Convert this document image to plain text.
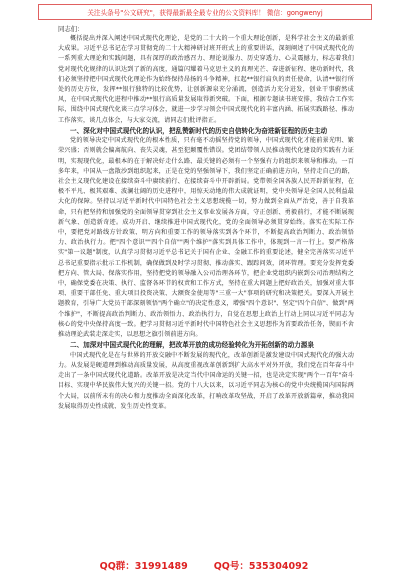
关注头条号"公文研究"，获得最新最全最专业的公文资料库！ 微信：gongwenyj

同志们：

概括提出并深入阐述中国式现代化理论，是党的二十大的一个重大理论创新，是科学社会主义的最新重大成果。习近平总书记在学习贯彻党的二十大精神研讨班开班式上的重要讲话，深刻阐述了中国式现代化的一系列重大理论和实践问题，具有深厚的政治感召力、理论说服力、历史穿透力、心灵震撼力，标志着我们党对现代化规律的认识达到了新的高度，通篇闪耀着马克思主义的真理光芒、奋进新征程、建功新时代，我们必须坚持把中国式现代化理论作为始终保持昂扬的斗争精神，扛起**银行肩负的责任使命，认清**银行所处的历史方位，发挥**银行独特的比较优势，让创新源泉充分涌流，创造活力充分迸发，创业干事蔚然成风，在中国式现代化进程中推动**银行高质量发展取得新突破。下面，根据专题读书班安排，我结合工作实际，围绕中国式现代化谈三点学习体会，就进一步学习领会中国式现代化的丰富内涵、拓展实践路径、推动工作落实，谈几点体会，与大家交流，请同志们批评指正。

一、深化对中国式现代化的认识，把乱赞新时代的历史自信转化为奋进新征程的历史主动

党的领导决定中国式现代化的根本性质，只有毫不动摇坚持党的领导，中国式现代化才能前景光明、繁荣兴盛；否则就会偏离航向、丧失灵魂，甚至犯颠覆性错误。党团结带领人民推动现代化建设的实践有力证明，实现现代化，最根本的在于解决好走什么路、最关键的必须有一个坚强有力的组织来领导和推动。一百多年来，中国从一盘散沙到组织起来，正是在党的坚强领导下，我们坚定正确前进方向，坚持走自己的路，社会主义现代化建设在接续奋斗中赓续前行、在接续奋斗中开辟新局。党带领全国各族人民开辟新征程，在极不平凡、极其艰难、波澜壮阔的历史进程中，用惊天动地的伟大成就证明，党中央领导是全国人民利益最大化的保障。坚持以习近平新时代中国特色社会主义思想统揽一切，努力做到全面从严治党，善于自我革命，只有把坚持和加强党的全面领导贯穿到社会主义事业发展各方面，守正创新、勇毅前行，才能不断展现新气象、创造新奇迹。成功开启、继续推进中国式现代化，党的全面领导必须贯穿始终。落实在实际工作中，要把党对路线方针政策、明方向和重要工作的领导落实到各个环节，不断提高政治判断力、政治领悟力、政治执行力。把"四个意识""四个自信""两个维护"落实到具体工作中，体现到一言一行上。要严格落实"第一议题"制度，认真学习贯彻习近平总书记关于国有企业、金融工作的重要论述，健全完善落实习近平总书记重要指示批示工作机制，确保做到及时学习贯彻、推动落实、跟踪问效，闭环管理。要充分发挥党委把方向、管大局、保落实作用，坚持把党的领导融入公司治理各环节，把企业党组织内嵌到公司治理结构之中，确保党委在决策、执行、监督各环节的权责和工作方式，坚持在重大问题上把好政治关，加强对重大事项、重要干部任免、重大项目投资决策、大额资金使用等"三重一大"事项的研究和决策把关。要深入开展主题教育，引导广大党员干部深刻领悟"两个确立"的决定性意义，增强"四个意识"、坚定"四个自信"、做到"两个维护"，不断提高政治判断力、政治领悟力、政治执行力，自觉在思想上政治上行动上同以习近平同志为核心的党中央保持高度一致。把学习贯彻习近平新时代中国特色社会主义思想作为首要政治任务，锲而不舍推动理论武装走深走实，以思想之旗引领前进方向。

二、加深对中国式现代化的理解，把改革开放的成功经验转化为开拓创新的动力源泉

中国式现代化是在与世界的开放交融中不断发展的现代化，改革创新是激发建设中国式现代化的强大动力。从发展是硬道理到推动高质量发展，从高度重视改革创新到扩大高水平对外开放，我们党在百年奋斗中走出了一条中国式现代化道路。改革开放是决定当代中国命运的关键一招，也是决定实现"两个一百年"奋斗目标、实现中华民族伟大复兴的关键一招。党的十八大以来，以习近平同志为核心的党中央统揽国内国际两个大局，以前所未有的决心和力度推动全面深化改革，打响改革攻坚战，开启了改革开放新篇章，推动我国发展取得历史性成就、发生历史性变革。

QQ群：31991489	QQ号：535304092
